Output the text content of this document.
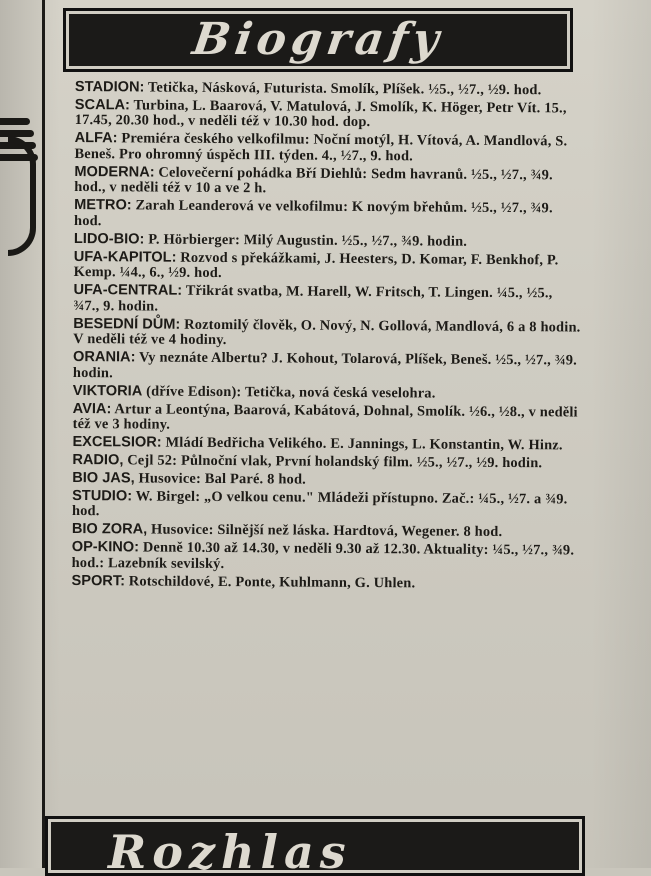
Biografy

STADION: Tetička, Násková, Futurista. Smolík, Plíšek. ½5., ½7., ½9. hod.

SCALA: Turbina, L. Baarová, V. Matulová, J. Smolík, K. Höger, Petr Vít. 15., 17.45, 20.30 hod., v neděli též v 10.30 hod. dop.

ALFA: Premiéra českého velkofilmu: Noční motýl, H. Vítová, A. Mandlová, S. Beneš. Pro ohromný úspěch III. týden. 4., ½7., 9. hod.

MODERNA: Celovečerní pohádka Bří Diehlů: Sedm havranů. ½5., ½7., ¾9. hod., v neděli též v 10 a ve 2 h.

METRO: Zarah Leanderová ve velkofilmu: K novým břehům. ½5., ½7., ¾9. hod.

LIDO-BIO: P. Hörbierger: Milý Augustin. ½5., ½7., ¾9. hodin.

UFA-KAPITOL: Rozvod s překážkami, J. Heesters, D. Komar, F. Benkhof, P. Kemp. ¼4., 6., ½9. hod.

UFA-CENTRAL: Třikrát svatba, M. Harell, W. Fritsch, T. Lingen. ¼5., ½5., ¾7., 9. hodin.

BESEDNÍ DŮM: Roztomilý člověk, O. Nový, N. Gollová, Mandlová, 6 a 8 hodin. V neděli též ve 4 hodiny.

ORANIA: Vy neznáte Albertu? J. Kohout, Tolarová, Plíšek, Beneš. ½5., ½7., ¾9. hodin.

VIKTORIA (dříve Edison): Tetička, nová česká veselohra.

AVIA: Artur a Leontýna, Baarová, Kabátová, Dohnal, Smolík. ½6., ½8., v neděli též ve 3 hodiny.

EXCELSIOR: Mládí Bedřicha Velikého. E. Jannings, L. Konstantin, W. Hinz.

RADIO, Cejl 52: Půlnoční vlak, První holandský film. ½5., ½7., ½9. hodin.

BIO JAS, Husovice: Bal Paré. 8 hod.

STUDIO: W. Birgel: „O velkou cenu." Mládeži přístupno. Zač.: ¼5., ½7. a ¾9. hod.

BIO ZORA, Husovice: Silnější než láska. Hardtová, Wegener. 8 hod.

OP-KINO: Denně 10.30 až 14.30, v neděli 9.30 až 12.30. Aktuality: ¼5., ½7., ¾9. hod.: Lazebník sevilský.

SPORT: Rotschildové, E. Ponte, Kuhlmann, G. Uhlen.

Rozhlas
